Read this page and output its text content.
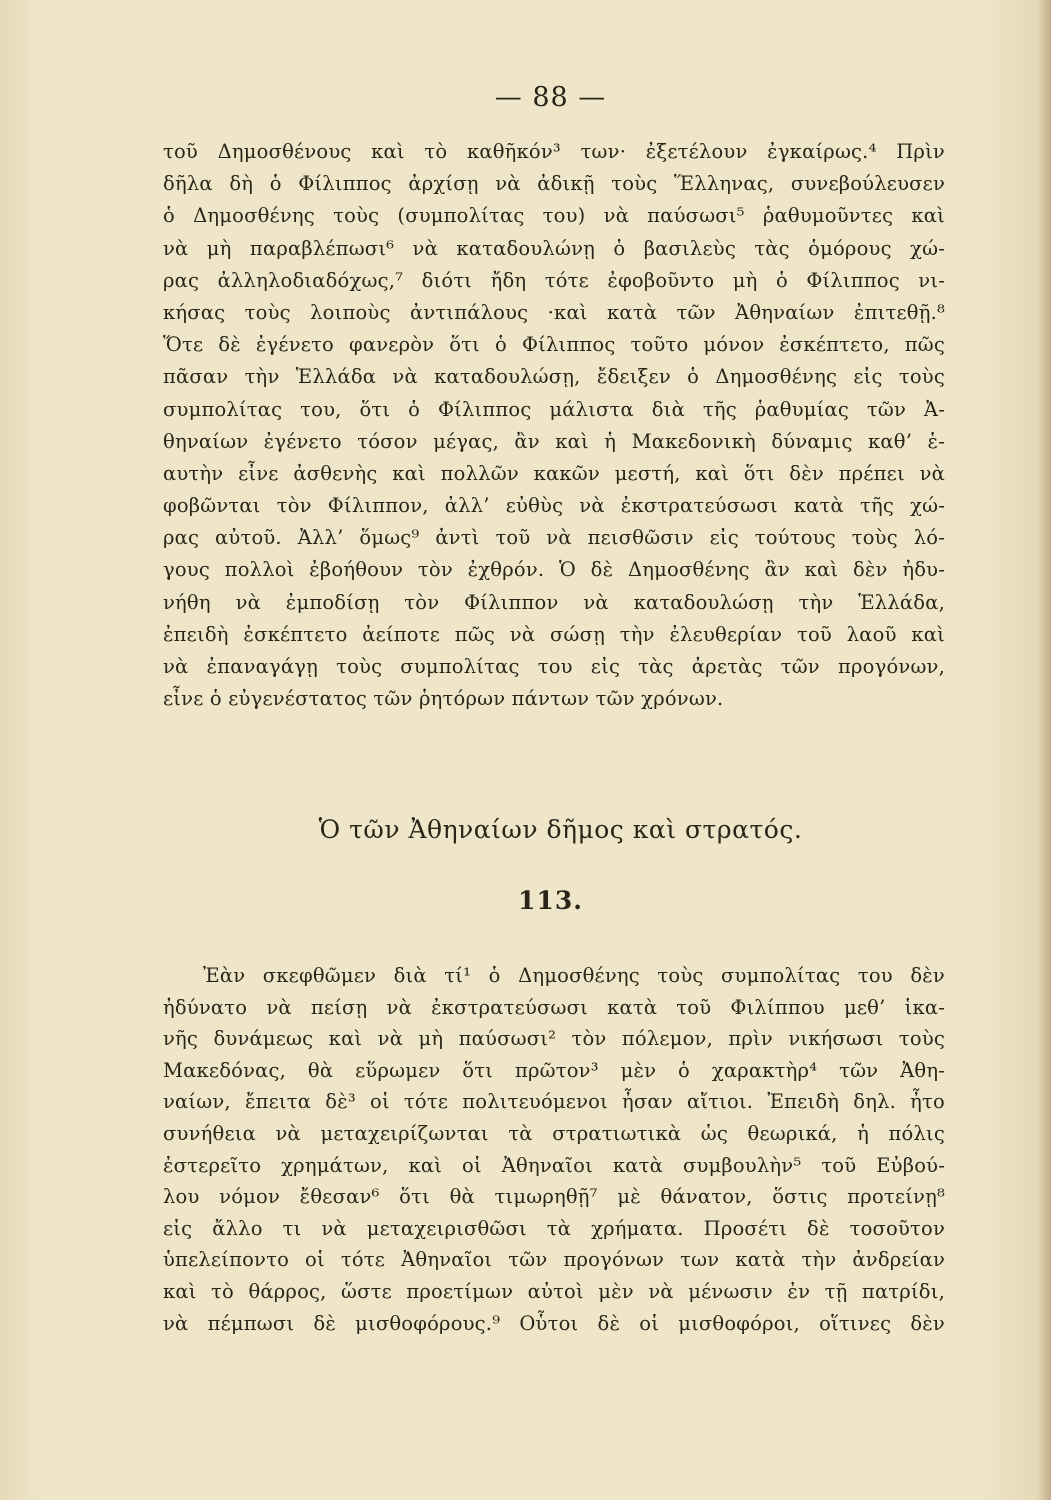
— 88 —
τοῦ Δημοσθένους καὶ τὸ καθῆκόν³ των· ἐξετέλουν ἐγκαίρως.⁴ Πρὶν
δῆλα δὴ ὁ Φίλιππος ἀρχίσῃ νὰ ἀδικῇ τοὺς Ἕλληνας, συνεβούλευσεν
ὁ Δημοσθένης τοὺς (συμπολίτας του) νὰ παύσωσι⁵ ῥαθυμοῦντες καὶ
νὰ μὴ παραβλέπωσι⁶ νὰ καταδουλώνῃ ὁ βασιλεὺς τὰς ὁμόρους χώ-
ρας ἀλληλοδιαδόχως,⁷ διότι ἤδη τότε ἐφοβοῦντο μὴ ὁ Φίλιππος νι-
κήσας τοὺς λοιποὺς ἀντιπάλους ·καὶ κατὰ τῶν Ἀθηναίων ἐπιτεθῇ.⁸
Ὅτε δὲ ἐγένετο φανερὸν ὅτι ὁ Φίλιππος τοῦτο μόνον ἐσκέπτετο, πῶς
πᾶσαν τὴν Ἑλλάδα νὰ καταδουλώσῃ, ἔδειξεν ὁ Δημοσθένης εἰς τοὺς
συμπολίτας του, ὅτι ὁ Φίλιππος μάλιστα διὰ τῆς ῥαθυμίας τῶν Ἀ-
θηναίων ἐγένετο τόσον μέγας, ἂν καὶ ἡ Μακεδονικὴ δύναμις καθ’ ἑ-
αυτὴν εἶνε ἀσθενὴς καὶ πολλῶν κακῶν μεστή, καὶ ὅτι δὲν πρέπει νὰ
φοβῶνται τὸν Φίλιππον, ἀλλ’ εὐθὺς νὰ ἐκστρατεύσωσι κατὰ τῆς χώ-
ρας αὐτοῦ. Ἀλλ’ ὅμως⁹ ἀντὶ τοῦ νὰ πεισθῶσιν εἰς τούτους τοὺς λό-
γους πολλοὶ ἐβοήθουν τὸν ἐχθρόν. Ὁ δὲ Δημοσθένης ἂν καὶ δὲν ἠδυ-
νήθη νὰ ἐμποδίσῃ τὸν Φίλιππον νὰ καταδουλώσῃ τὴν Ἑλλάδα,
ἐπειδὴ ἐσκέπτετο ἀείποτε πῶς νὰ σώσῃ τὴν ἐλευθερίαν τοῦ λαοῦ καὶ
νὰ ἐπαναγάγῃ τοὺς συμπολίτας του εἰς τὰς ἀρετὰς τῶν προγόνων,
εἶνε ὁ εὐγενέστατος τῶν ῥητόρων πάντων τῶν χρόνων.
Ὁ τῶν Ἀθηναίων δῆμος καὶ στρατός.
113.
Ἐὰν σκεφθῶμεν διὰ τί¹ ὁ Δημοσθένης τοὺς συμπολίτας του δὲν
ἠδύνατο νὰ πείσῃ νὰ ἐκστρατεύσωσι κατὰ τοῦ Φιλίππου μεθ’ ἱκα-
νῆς δυνάμεως καὶ νὰ μὴ παύσωσι² τὸν πόλεμον, πρὶν νικήσωσι τοὺς
Μακεδόνας, θὰ εὕρωμεν ὅτι πρῶτον³ μὲν ὁ χαρακτὴρ⁴ τῶν Ἀθη-
ναίων, ἔπειτα δὲ³ οἱ τότε πολιτευόμενοι ἦσαν αἴτιοι. Ἐπειδὴ δηλ. ἦτο
συνήθεια νὰ μεταχειρίζωνται τὰ στρατιωτικὰ ὡς θεωρικά, ἡ πόλις
ἐστερεῖτο χρημάτων, καὶ οἱ Ἀθηναῖοι κατὰ συμβουλὴν⁵ τοῦ Εὐβού-
λου νόμον ἔθεσαν⁶ ὅτι θὰ τιμωρηθῇ⁷ μὲ θάνατον, ὅστις προτείνῃ⁸
εἰς ἄλλο τι νὰ μεταχειρισθῶσι τὰ χρήματα. Προσέτι δὲ τοσοῦτον
ὑπελείποντο οἱ τότε Ἀθηναῖοι τῶν προγόνων των κατὰ τὴν ἀνδρείαν
καὶ τὸ θάρρος, ὥστε προετίμων αὐτοὶ μὲν νὰ μένωσιν ἐν τῇ πατρίδι,
νὰ πέμπωσι δὲ μισθοφόρους.⁹ Οὗτοι δὲ οἱ μισθοφόροι, οἵτινες δὲν
